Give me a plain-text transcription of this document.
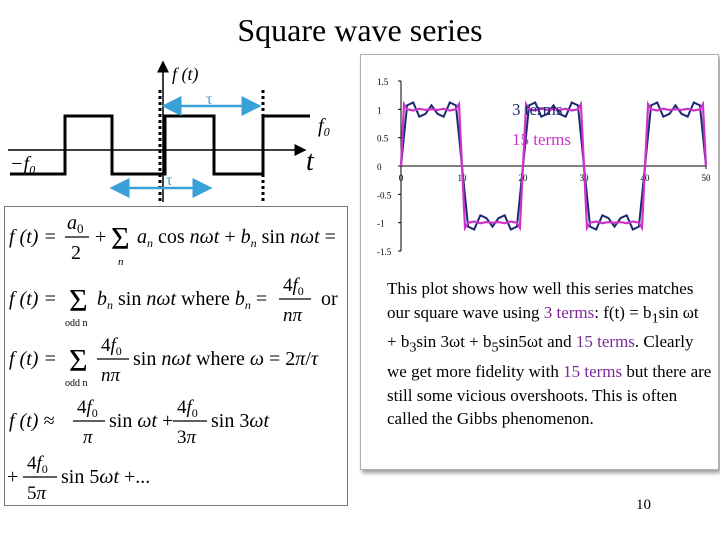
Square wave series
f (t)
f₀
−f₀	t
τ
τ
f (t) =
$a_0$
2
+ Σ
n
$a_n$ $\cos n\omega t + b_n$ sin nωt =
f (t) = Σ
odd n
$b_n$ sin nωt where $b_n$ =
$4f_0$
nπ
or
f (t) = Σ
odd n
$4f_0$
nπ
sin nωt where ω = 2π/τ
f (t) ≈
$4f_0$
π
sin ωt +
$4f_0$
3π
sin 3ωt
+
$4f_0$
5π
sin 5ωt +...
1.5
1
0.5
0
-0.5
-1
-1.5
0	10	20	30	40	50
3 terms
15 terms
This plot shows how well this series matches our square wave using 3 terms: $f(t) = b_1\sin$ $\omega t + b_3\sin$ $3\omega t + b_5\sin 5\omega t$ and 15 terms. Clearly we get more fidelity with 15 terms but there are still some vicious overshoots. This is often called the Gibbs phenomenon.
10
